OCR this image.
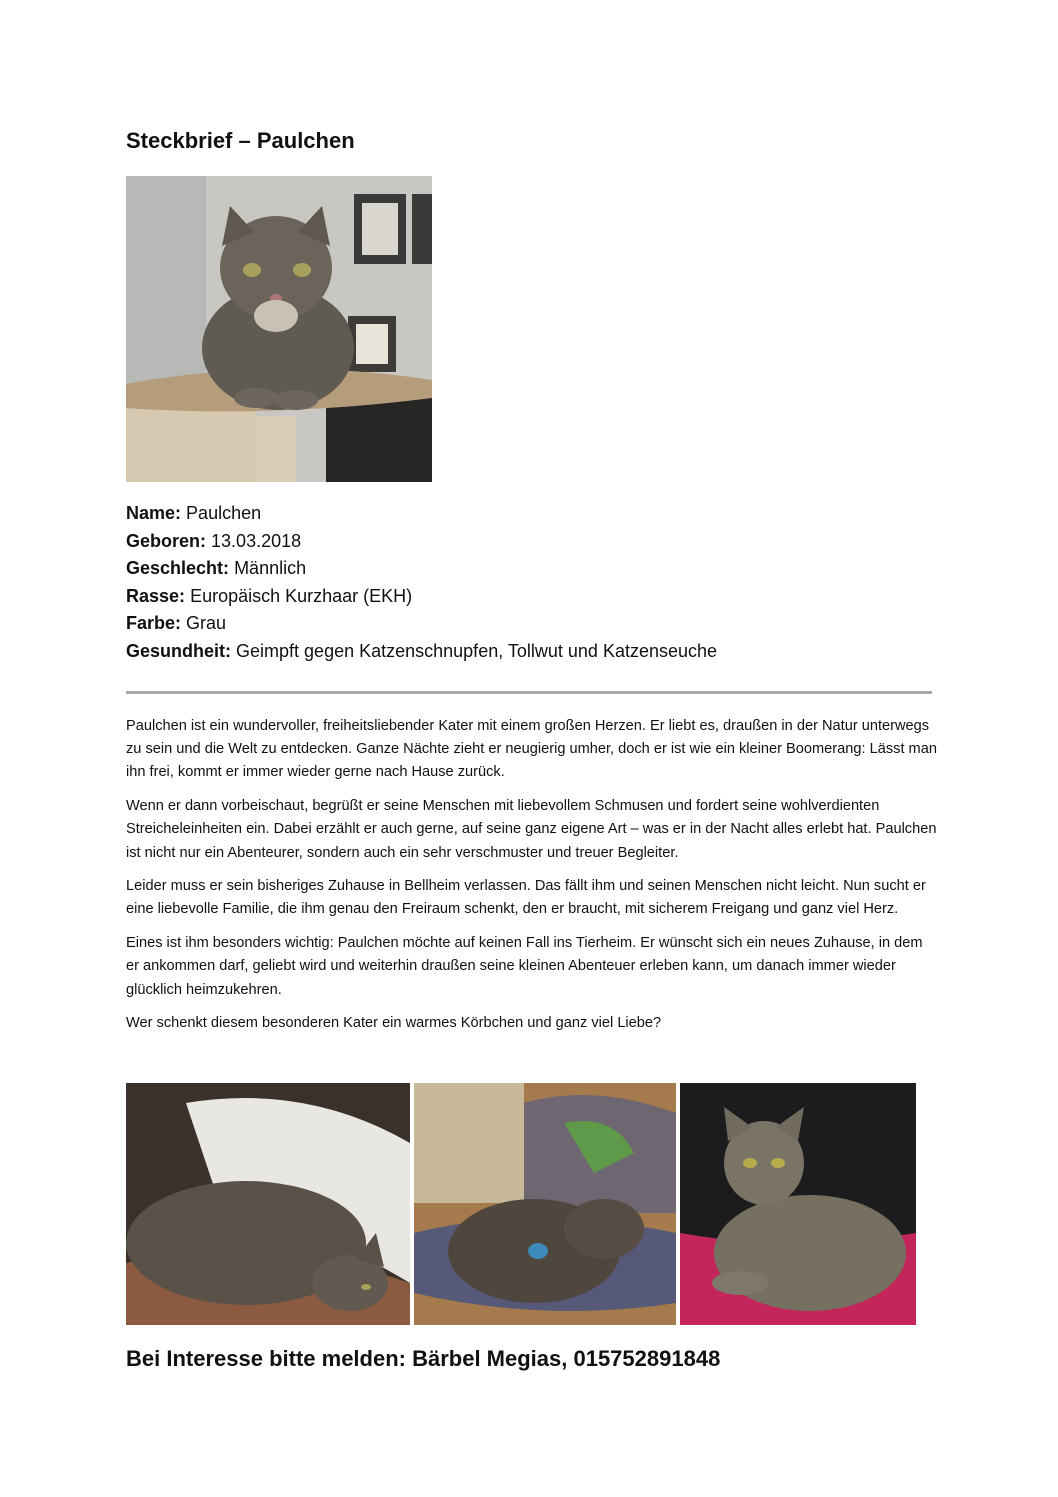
Steckbrief – Paulchen
Name: Paulchen
Geboren: 13.03.2018
Geschlecht: Männlich
Rasse: Europäisch Kurzhaar (EKH)
Farbe: Grau
Gesundheit: Geimpft gegen Katzenschnupfen, Tollwut und Katzenseuche

Paulchen ist ein wundervoller, freiheitsliebender Kater mit einem großen Herzen. Er liebt es, draußen in der Natur unterwegs zu sein und die Welt zu entdecken. Ganze Nächte zieht er neugierig umher, doch er ist wie ein kleiner Boomerang: Lässt man ihn frei, kommt er immer wieder gerne nach Hause zurück.

Wenn er dann vorbeischaut, begrüßt er seine Menschen mit liebevollem Schmusen und fordert seine wohlverdienten Streicheleinheiten ein. Dabei erzählt er auch gerne, auf seine ganz eigene Art – was er in der Nacht alles erlebt hat. Paulchen ist nicht nur ein Abenteurer, sondern auch ein sehr verschmuster und treuer Begleiter.

Leider muss er sein bisheriges Zuhause in Bellheim verlassen. Das fällt ihm und seinen Menschen nicht leicht. Nun sucht er eine liebevolle Familie, die ihm genau den Freiraum schenkt, den er braucht, mit sicherem Freigang und ganz viel Herz.

Eines ist ihm besonders wichtig: Paulchen möchte auf keinen Fall ins Tierheim. Er wünscht sich ein neues Zuhause, in dem er ankommen darf, geliebt wird und weiterhin draußen seine kleinen Abenteuer erleben kann, um danach immer wieder glücklich heimzukehren.

Wer schenkt diesem besonderen Kater ein warmes Körbchen und ganz viel Liebe?

Bei Interesse bitte melden: Bärbel Megias, 015752891848
